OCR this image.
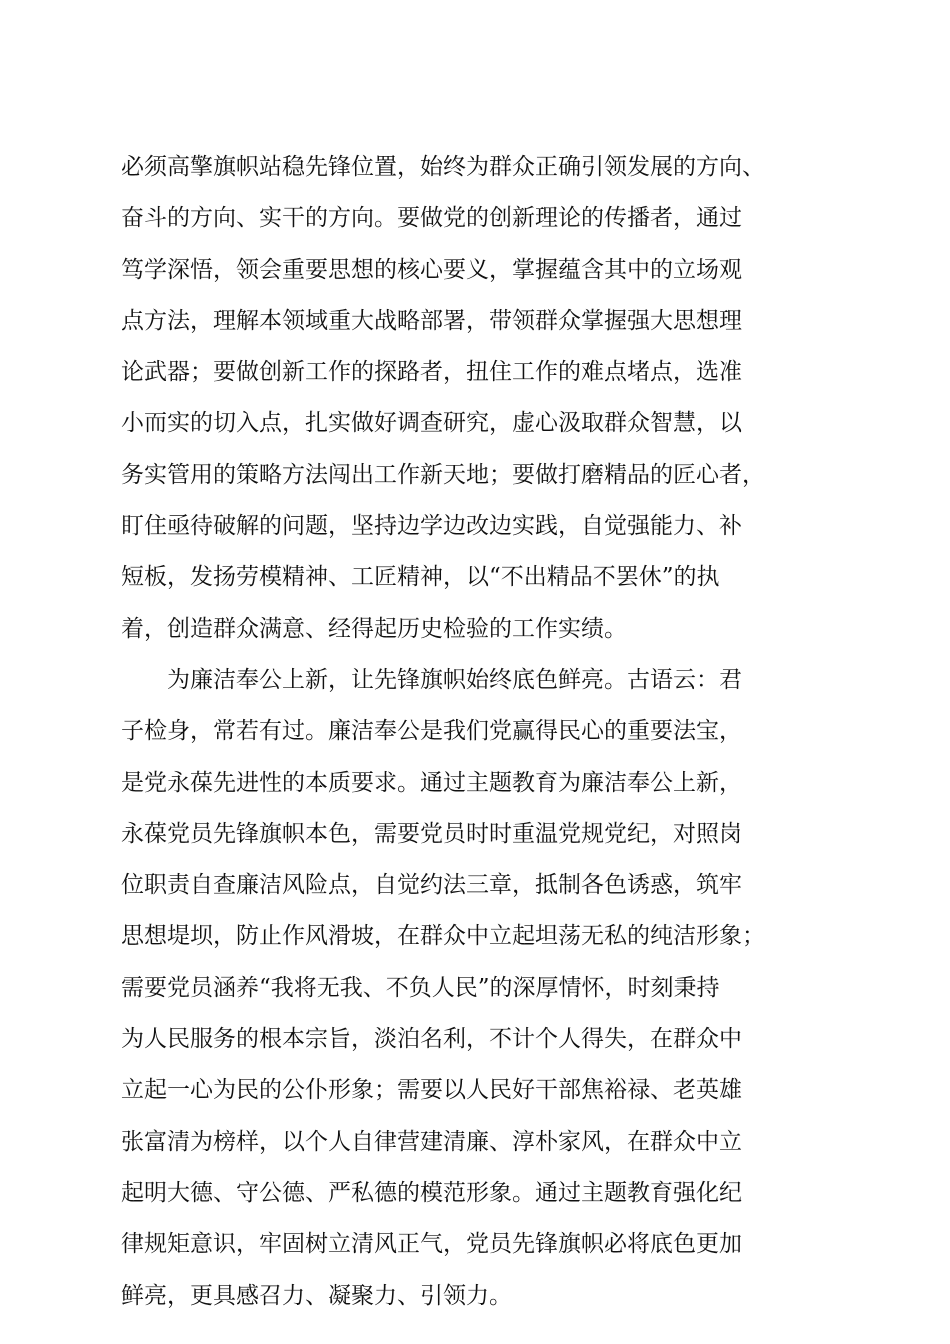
必须高擎旗帜站稳先锋位置，始终为群众正确引领发展的方向、
奋斗的方向、实干的方向。要做党的创新理论的传播者，通过
笃学深悟，领会重要思想的核心要义，掌握蕴含其中的立场观
点方法，理解本领域重大战略部署，带领群众掌握强大思想理
论武器；要做创新工作的探路者，扭住工作的难点堵点，选准
小而实的切入点，扎实做好调查研究，虚心汲取群众智慧，以
务实管用的策略方法闯出工作新天地；要做打磨精品的匠心者，
盯住亟待破解的问题，坚持边学边改边实践，自觉强能力、补
短板，发扬劳模精神、工匠精神，以“不出精品不罢休”的执
着，创造群众满意、经得起历史检验的工作实绩。
　　为廉洁奉公上新，让先锋旗帜始终底色鲜亮。古语云：君
子检身，常若有过。廉洁奉公是我们党赢得民心的重要法宝，
是党永葆先进性的本质要求。通过主题教育为廉洁奉公上新，
永葆党员先锋旗帜本色，需要党员时时重温党规党纪，对照岗
位职责自查廉洁风险点，自觉约法三章，抵制各色诱惑，筑牢
思想堤坝，防止作风滑坡，在群众中立起坦荡无私的纯洁形象；
需要党员涵养“我将无我、不负人民”的深厚情怀，时刻秉持
为人民服务的根本宗旨，淡泊名利，不计个人得失，在群众中
立起一心为民的公仆形象；需要以人民好干部焦裕禄、老英雄
张富清为榜样，以个人自律营建清廉、淳朴家风，在群众中立
起明大德、守公德、严私德的模范形象。通过主题教育强化纪
律规矩意识，牢固树立清风正气，党员先锋旗帜必将底色更加
鲜亮，更具感召力、凝聚力、引领力。
